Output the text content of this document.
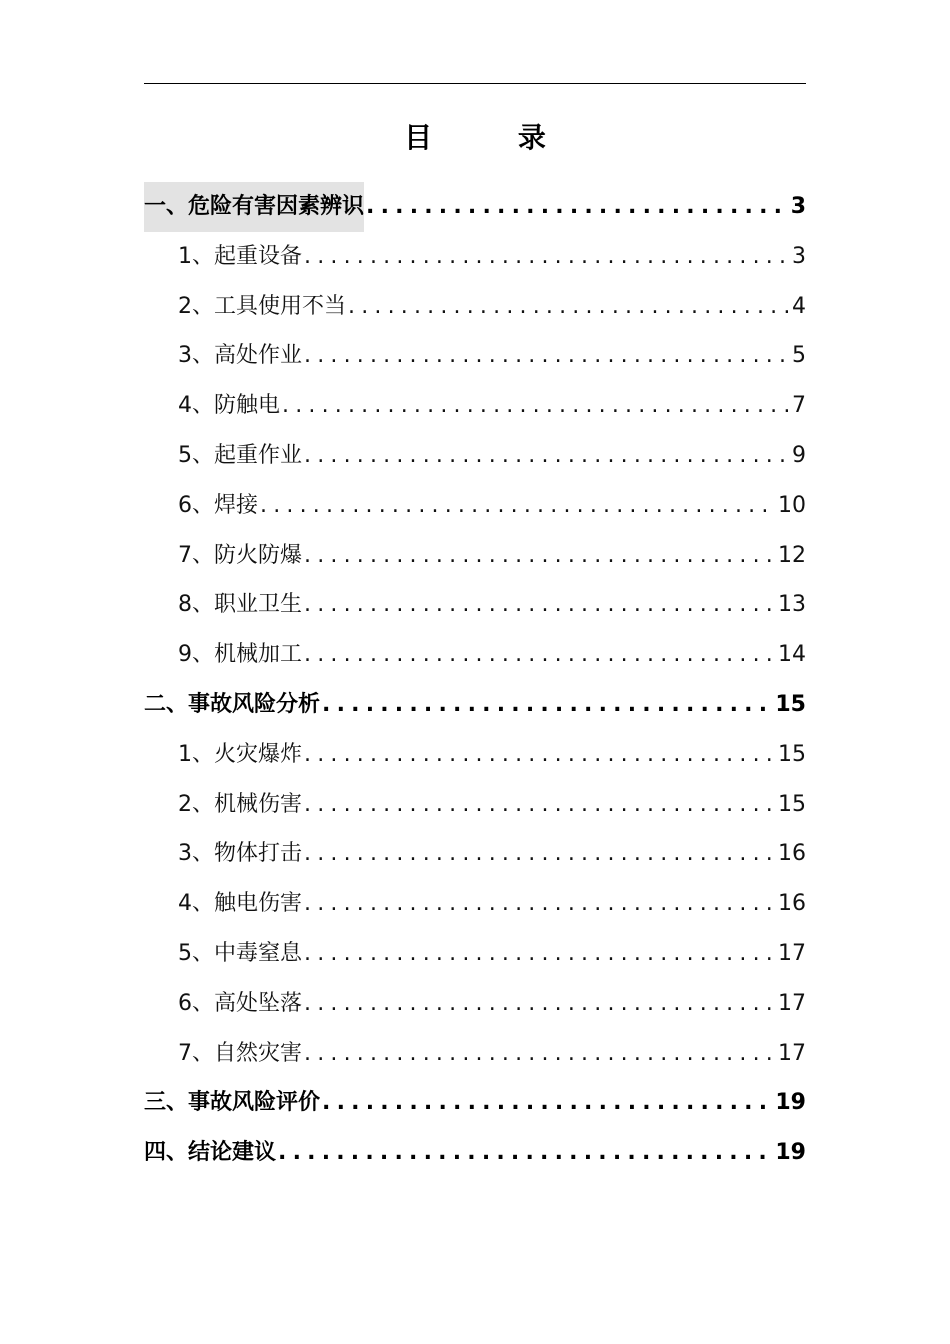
目 录
一、危险有害因素辨识 .....	3
1、起重设备 .....	3
2、工具使用不当 .....	4
3、高处作业 .....	5
4、防触电 .....	7
5、起重作业 .....	9
6、焊接 .....	10
7、防火防爆 .....	12
8、职业卫生 .....	13
9、机械加工 .....	14
二、事故风险分析 .....	15
1、火灾爆炸 .....	15
2、机械伤害 .....	15
3、物体打击 .....	16
4、触电伤害 .....	16
5、中毒窒息 .....	17
6、高处坠落 .....	17
7、自然灾害 .....	17
三、事故风险评价 .....	19
四、结论建议 .....	19
